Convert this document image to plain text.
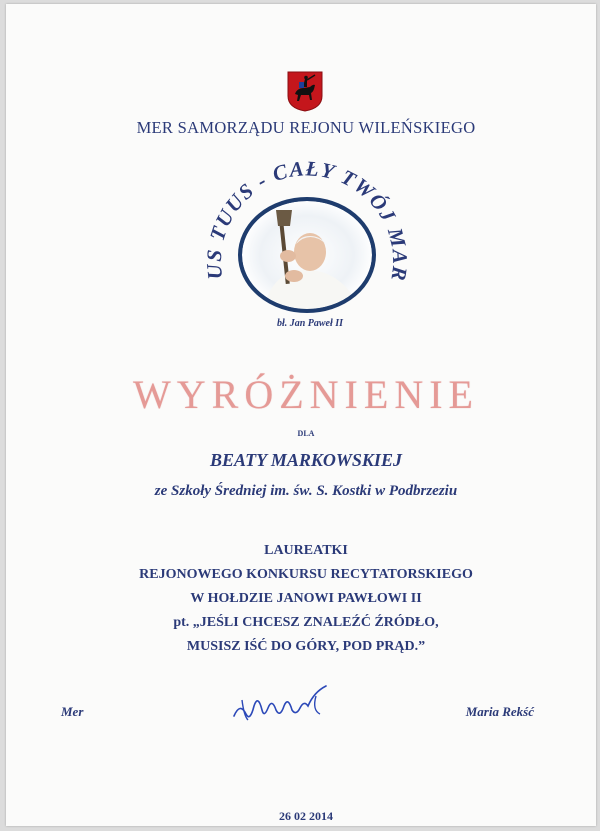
MER SAMORZĄDU REJONU WILEŃSKIEGO
US TUUS - CAŁY TWÓJ MAR
bł. Jan Paweł II
WYRÓŻNIENIE
DLA
BEATY MARKOWSKIEJ
ze Szkoły Średniej im. św. S. Kostki w Podbrzeziu
LAUREATKI
REJONOWEGO KONKURSU RECYTATORSKIEGO
W HOŁDZIE JANOWI PAWŁOWI II
pt. „JEŚLI CHCESZ ZNALEŹĆ ŹRÓDŁO,
MUSISZ IŚĆ DO GÓRY, POD PRĄD.”
Mer	Maria Rekść
26 02 2014
